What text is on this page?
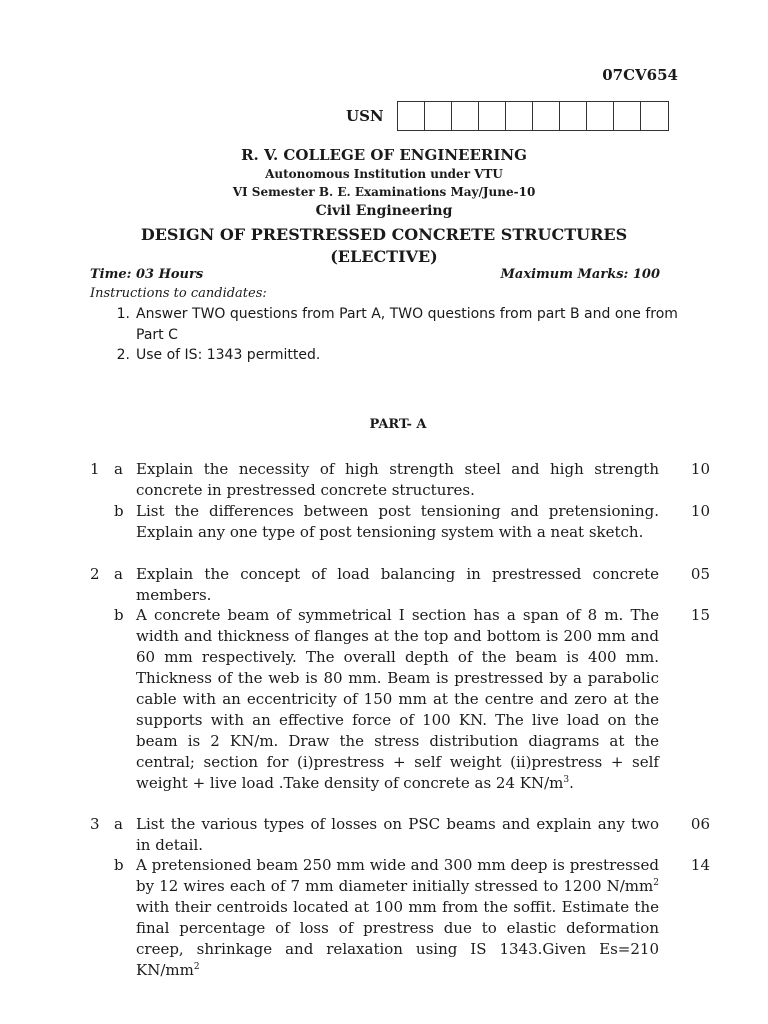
07CV654
USN
R. V. COLLEGE OF ENGINEERING
Autonomous Institution under VTU
VI Semester B. E. Examinations May/June-10
Civil Engineering
DESIGN OF PRESTRESSED CONCRETE STRUCTURES
(ELECTIVE)
Time: 03 Hours	Maximum Marks: 100
Instructions to candidates:
1. Answer TWO questions from Part A, TWO questions from part B and one from Part C
2. Use of IS: 1343 permitted.
PART- A
1 a Explain the necessity of high strength steel and high strength concrete in prestressed concrete structures.
10
b List the differences between post tensioning and pretensioning. Explain any one type of post tensioning system with a neat sketch.
10
2 a Explain the concept of load balancing in prestressed concrete members.
05
b A concrete beam of symmetrical I section has a span of 8 m. The width and thickness of flanges at the top and bottom is 200 mm and 60 mm respectively. The overall depth of the beam is 400 mm. Thickness of the web is 80 mm. Beam is prestressed by a parabolic cable with an eccentricity of 150 mm at the centre and zero at the supports with an effective force of 100 KN. The live load on the beam is 2 KN/m. Draw the stress distribution diagrams at the central; section for (i)prestress + self weight (ii)prestress + self weight + live load .Take density of concrete as 24 $KN/m^3$.
15
3 a List the various types of losses on PSC beams and explain any two in detail.
06
b A pretensioned beam 250 mm wide and 300 mm deep is prestressed by 12 wires each of 7 mm diameter initially stressed to 1200 $N/mm^2$ with their centroids located at 100 mm from the soffit. Estimate the final percentage of loss of prestress due to elastic deformation creep, shrinkage and relaxation using IS 1343.Given Es=210 $KN/mm^2$
14
